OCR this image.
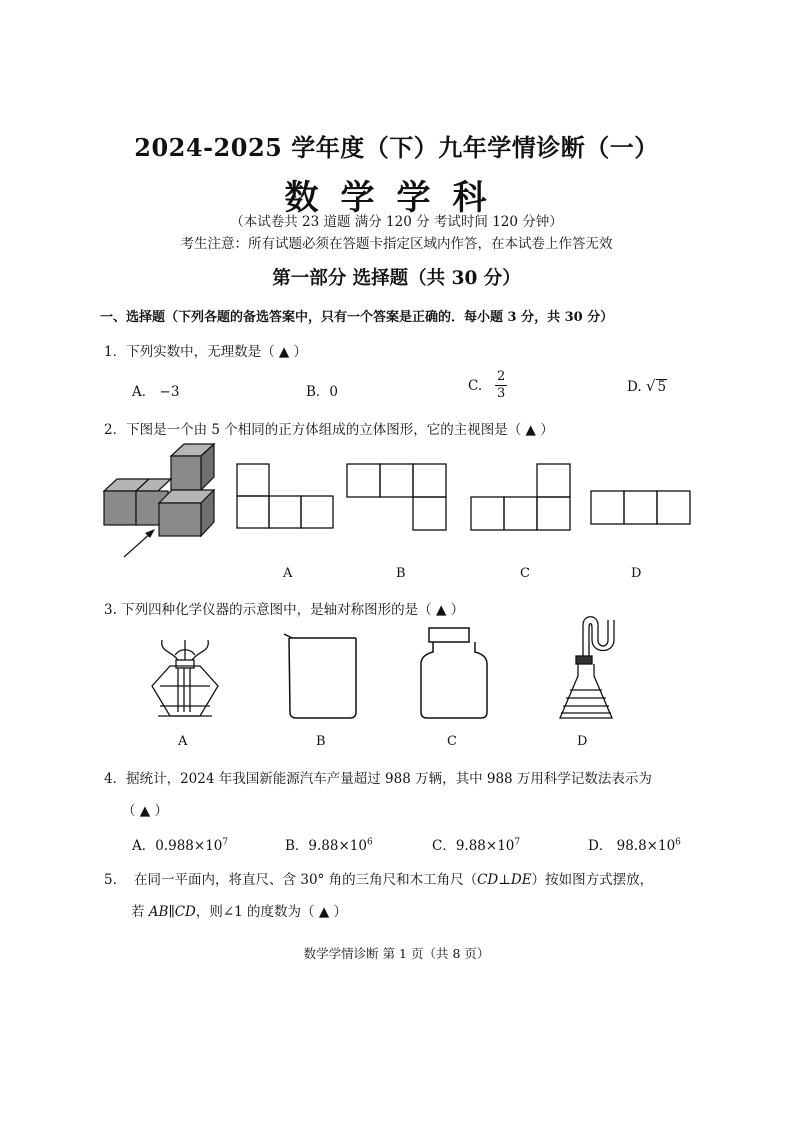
2024-2025 学年度（下）九年学情诊断（一）
数学学科
（本试卷共 23 道题 满分 120 分 考试时间 120 分钟）
考生注意：所有试题必须在答题卡指定区域内作答，在本试卷上作答无效
第一部分 选择题（共 30 分）
一、选择题（下列各题的备选答案中，只有一个答案是正确的．每小题 3 分，共 30 分）
1．下列实数中，无理数是（ ▲ ）
A． −3	B．0	C. $\frac{2}{3}$	D. √ 5
2．下图是一个由 5 个相同的正方体组成的立体图形，它的主视图是（ ▲ ）
A	B	C	D
3. 下列四种化学仪器的示意图中，是轴对称图形的是（ ▲ ）
A	B	C	D
4．据统计，2024 年我国新能源汽车产量超过 988 万辆，其中 988 万用科学记数法表示为
（ ▲ ）
A．$0.988\times 10^7$	B．$9.88\times 10^6$	C．$9.88\times 10^7$	D． $98.8\times 10^6$
5. 在同一平面内，将直尺、含 30° 角的三角尺和木工角尺（CD⊥DE）按如图方式摆放，
若 AB∥CD，则∠1 的度数为（ ▲ ）
数学学情诊断 第 1 页（共 8 页）
